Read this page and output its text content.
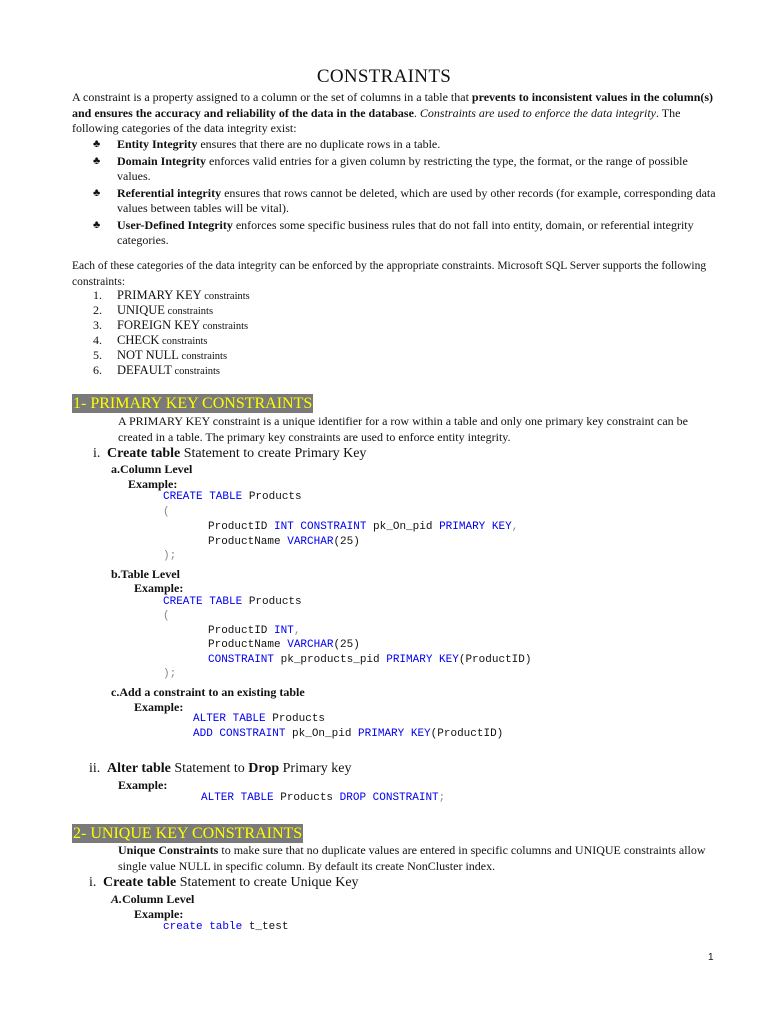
CONSTRAINTS
A constraint is a property assigned to a column or the set of columns in a table that prevents to inconsistent values in the column(s) and ensures the accuracy and reliability of the data in the database. Constraints are used to enforce the data integrity. The following categories of the data integrity exist:
♣ Entity Integrity ensures that there are no duplicate rows in a table.
♣ Domain Integrity enforces valid entries for a given column by restricting the type, the format, or the range of possible values.
♣ Referential integrity ensures that rows cannot be deleted, which are used by other records (for example, corresponding data values between tables will be vital).
♣ User-Defined Integrity enforces some specific business rules that do not fall into entity, domain, or referential integrity categories.
Each of these categories of the data integrity can be enforced by the appropriate constraints. Microsoft SQL Server supports the following constraints:
1. PRIMARY KEY constraints
2. UNIQUE constraints
3. FOREIGN KEY constraints
4. CHECK constraints
5. NOT NULL constraints
6. DEFAULT constraints
1- PRIMARY KEY CONSTRAINTS
A PRIMARY KEY constraint is a unique identifier for a row within a table and only one primary key constraint can be created in a table. The primary key constraints are used to enforce entity integrity.
i. Create table Statement to create Primary Key
a.Column Level
Example:
CREATE TABLE Products
(
ProductID INT CONSTRAINT pk_On_pid PRIMARY KEY,
ProductName VARCHAR(25)
);
b.Table Level
Example:
CREATE TABLE Products
(
ProductID INT,
ProductName VARCHAR(25)
CONSTRAINT pk_products_pid PRIMARY KEY(ProductID)
);
c.Add a constraint to an existing table
Example:
ALTER TABLE Products
ADD CONSTRAINT pk_On_pid PRIMARY KEY(ProductID)
ii. Alter table Statement to Drop Primary key
Example:
ALTER TABLE Products DROP CONSTRAINT;
2- UNIQUE KEY CONSTRAINTS
Unique Constraints to make sure that no duplicate values are entered in specific columns and UNIQUE constraints allow single value NULL in specific column. By default its create NonCluster index.
i. Create table Statement to create Unique Key
A.Column Level
Example:
create table t_test
1
